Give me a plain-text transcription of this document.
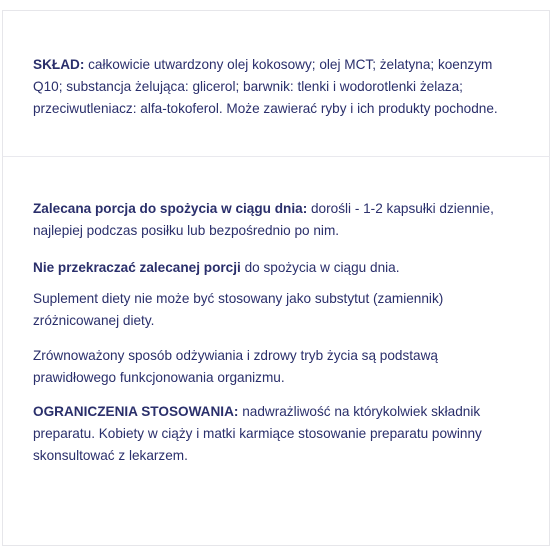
SKŁAD: całkowicie utwardzony olej kokosowy; olej MCT; żelatyna; koenzym Q10; substancja żelująca: glicerol; barwnik: tlenki i wodorotlenki żelaza; przeciwutleniacz: alfa-tokoferol. Może zawierać ryby i ich produkty pochodne.

Zalecana porcja do spożycia w ciągu dnia: dorośli - 1-2 kapsułki dziennie, najlepiej podczas posiłku lub bezpośrednio po nim.

Nie przekraczać zalecanej porcji do spożycia w ciągu dnia.

Suplement diety nie może być stosowany jako substytut (zamiennik) zróżnicowanej diety.

Zrównoważony sposób odżywiania i zdrowy tryb życia są podstawą prawidłowego funkcjonowania organizmu.

OGRANICZENIA STOSOWANIA: nadwrażliwość na którykolwiek składnik preparatu. Kobiety w ciąży i matki karmiące stosowanie preparatu powinny skonsultować z lekarzem.
